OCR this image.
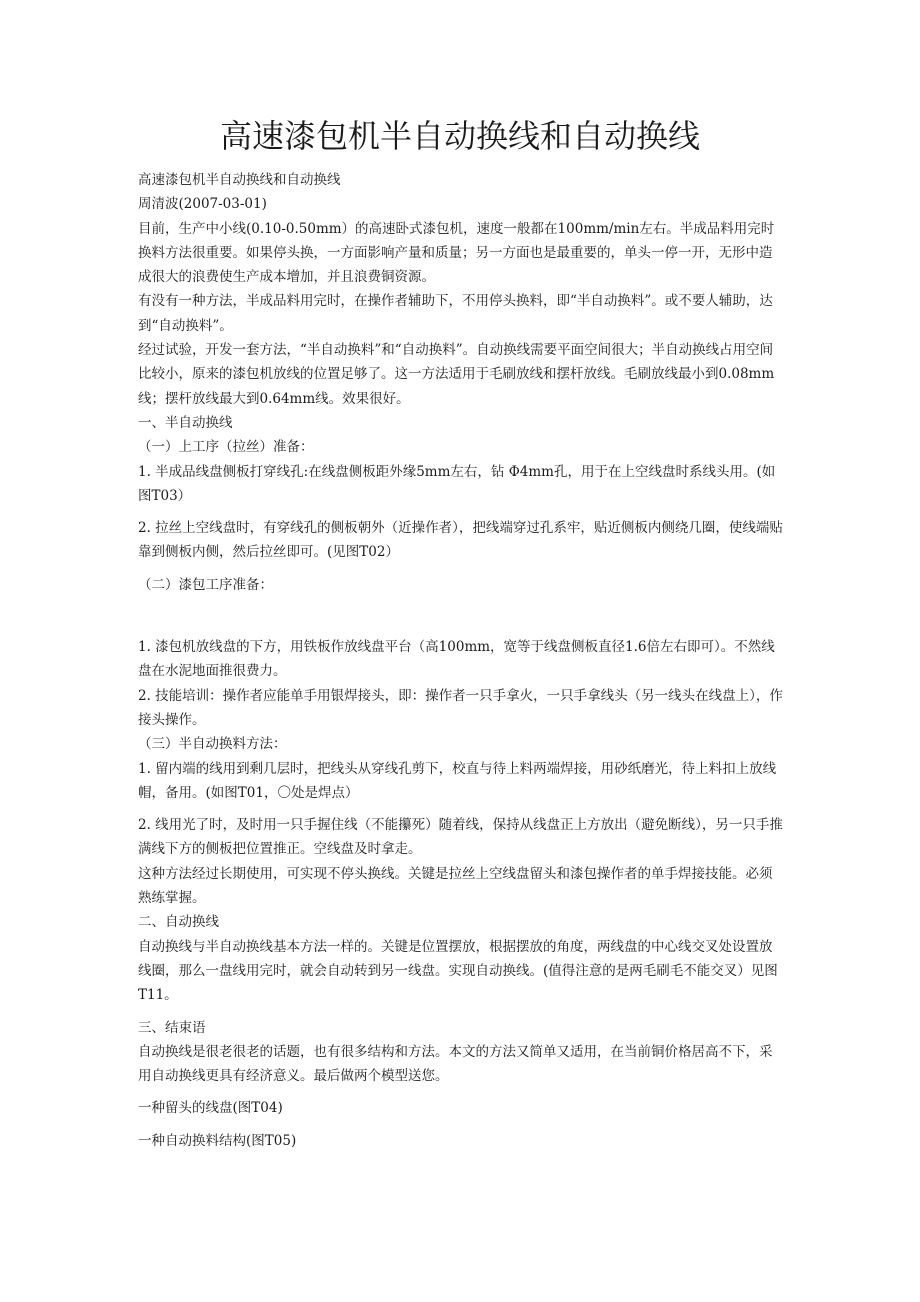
高速漆包机半自动换线和自动换线

高速漆包机半自动换线和自动换线

周清波(2007-03-01)

目前，生产中小线(0.10-0.50mm）的高速卧式漆包机，速度一般都在100mm/min左右。半成品料用完时换料方法很重要。如果停头换，一方面影响产量和质量；另一方面也是最重要的，单头一停一开，无形中造成很大的浪费使生产成本增加，并且浪费铜资源。

有没有一种方法，半成品料用完时，在操作者辅助下，不用停头换料，即“半自动换料”。或不要人辅助，达到“自动换料”。

经过试验，开发一套方法，“半自动换料”和“自动换料”。自动换线需要平面空间很大；半自动换线占用空间比较小，原来的漆包机放线的位置足够了。这一方法适用于毛刷放线和摆杆放线。毛刷放线最小到0.08mm线；摆杆放线最大到0.64mm线。效果很好。

一、半自动换线

（一）上工序（拉丝）准备：

1. 半成品线盘侧板打穿线孔:在线盘侧板距外缘5mm左右，钻 Φ4mm孔，用于在上空线盘时系线头用。(如图T03）

2. 拉丝上空线盘时，有穿线孔的侧板朝外（近操作者），把线端穿过孔系牢，贴近侧板内侧绕几圈，使线端贴靠到侧板内侧，然后拉丝即可。(见图T02）

（二）漆包工序准备：

1. 漆包机放线盘的下方，用铁板作放线盘平台（高100mm，宽等于线盘侧板直径1.6倍左右即可）。不然线盘在水泥地面推很费力。

2. 技能培训：操作者应能单手用银焊接头，即：操作者一只手拿火，一只手拿线头（另一线头在线盘上），作接头操作。

（三）半自动换料方法：

1. 留内端的线用到剩几层时，把线头从穿线孔剪下，校直与待上料两端焊接，用砂纸磨光，待上料扣上放线帽，备用。(如图T01，〇处是焊点）

2. 线用光了时，及时用一只手握住线（不能攥死）随着线，保持从线盘正上方放出（避免断线），另一只手推满线下方的侧板把位置推正。空线盘及时拿走。

这种方法经过长期使用，可实现不停头换线。关键是拉丝上空线盘留头和漆包操作者的单手焊接技能。必须熟练掌握。

二、自动换线

自动换线与半自动换线基本方法一样的。关键是位置摆放，根据摆放的角度，两线盘的中心线交叉处设置放线圈，那么一盘线用完时，就会自动转到另一线盘。实现自动换线。(值得注意的是两毛刷毛不能交叉）见图T11。

三、结束语

自动换线是很老很老的话题，也有很多结构和方法。本文的方法又简单又适用，在当前铜价格居高不下，采用自动换线更具有经济意义。最后做两个模型送您。

一种留头的线盘(图T04)

一种自动换料结构(图T05)
